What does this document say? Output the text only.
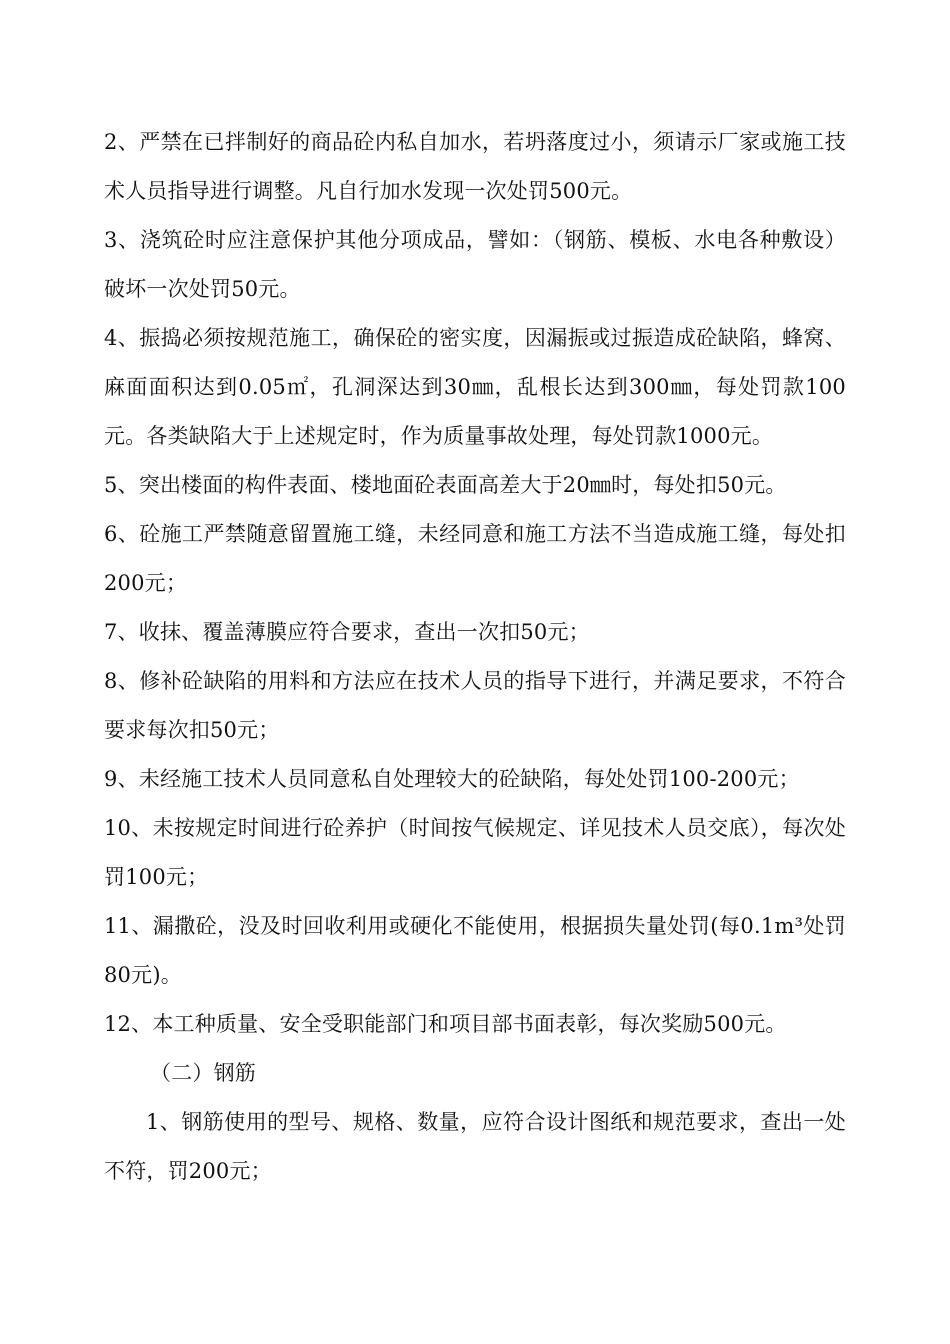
2、严禁在已拌制好的商品砼内私自加水，若坍落度过小，须请示厂家或施工技术人员指导进行调整。凡自行加水发现一次处罚500元。

3、浇筑砼时应注意保护其他分项成品，譬如：（钢筋、模板、水电各种敷设）破坏一次处罚50元。

4、振捣必须按规范施工，确保砼的密实度，因漏振或过振造成砼缺陷，蜂窝、麻面面积达到0.05㎡，孔洞深达到30㎜，乱根长达到300㎜，每处罚款100元。各类缺陷大于上述规定时，作为质量事故处理，每处罚款1000元。

5、突出楼面的构件表面、楼地面砼表面高差大于20㎜时，每处扣50元。

6、砼施工严禁随意留置施工缝，未经同意和施工方法不当造成施工缝，每处扣200元；

7、收抹、覆盖薄膜应符合要求，查出一次扣50元；

8、修补砼缺陷的用料和方法应在技术人员的指导下进行，并满足要求，不符合要求每次扣50元；

9、未经施工技术人员同意私自处理较大的砼缺陷，每处处罚100-200元；

10、未按规定时间进行砼养护（时间按气候规定、详见技术人员交底），每次处罚100元；

11、漏撒砼，没及时回收利用或硬化不能使用，根据损失量处罚(每0.1m³处罚80元)。

12、本工种质量、安全受职能部门和项目部书面表彰，每次奖励500元。

（二）钢筋

1、钢筋使用的型号、规格、数量，应符合设计图纸和规范要求，查出一处不符，罚200元；
